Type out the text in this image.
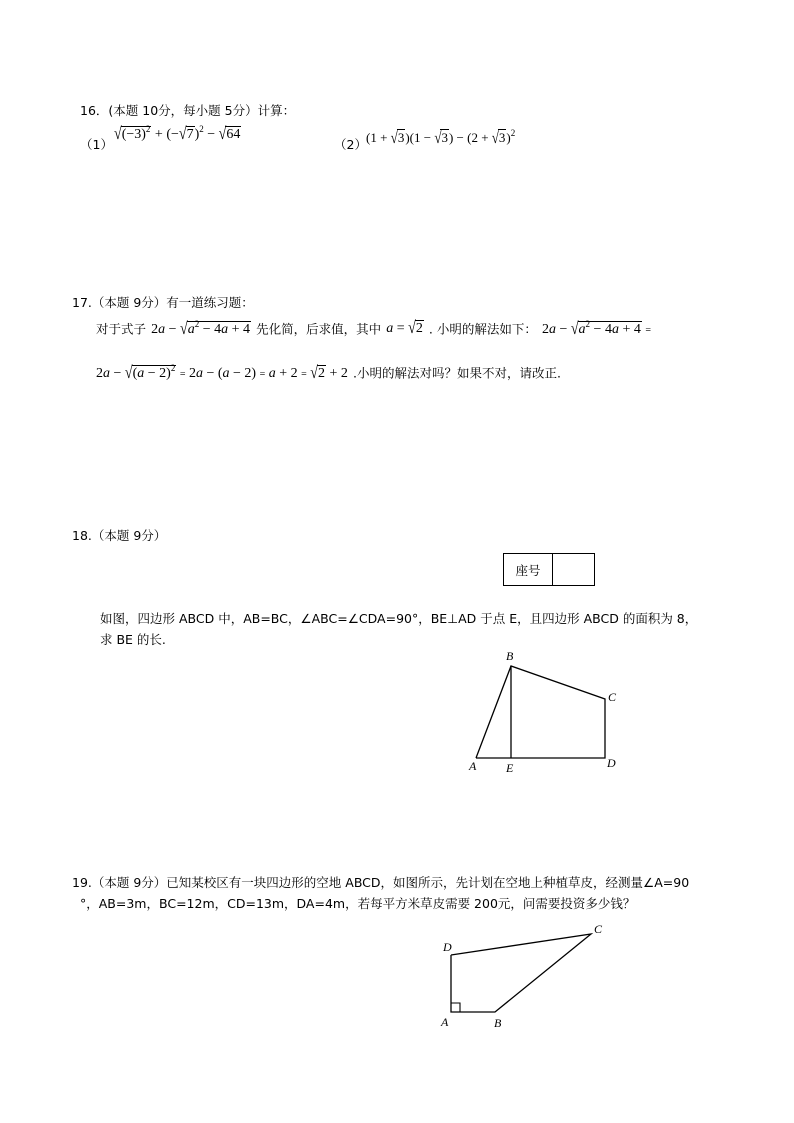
16．(本题 10分，每小题 5分）计算：
（1）
$√(-3)^2 + (-√7)^2 - √64$
（2） $(1 + √3)(1 - √3) - (2 + √3)^2$
17.（本题 9分）有一道练习题：
对于式子 $2a - √a^2 - 4a + 4$ 先化简，后求值，其中 a = √2 . 小明的解法如下： $2a - √a^2 - 4a + 4$ =
$2a - √(a - 2)^2 = 2a - (a - 2) = a + 2 = √2 + 2$ .小明的解法对吗？如果不对，请改正.
18.（本题 9分）
座号
如图，四边形 ABCD 中，AB=BC，∠ABC=∠CDA=90°，BE⊥AD 于点 E，且四边形 ABCD 的面积为 8，
求 BE 的长.
B
C
A E	D
19.（本题 9分）已知某校区有一块四边形的空地 ABCD，如图所示，先计划在空地上种植草皮，经测量∠A=90
°，AB=3m，BC=12m，CD=13m，DA=4m，若每平方米草皮需要 200元，问需要投资多少钱？
D
C
A	B
